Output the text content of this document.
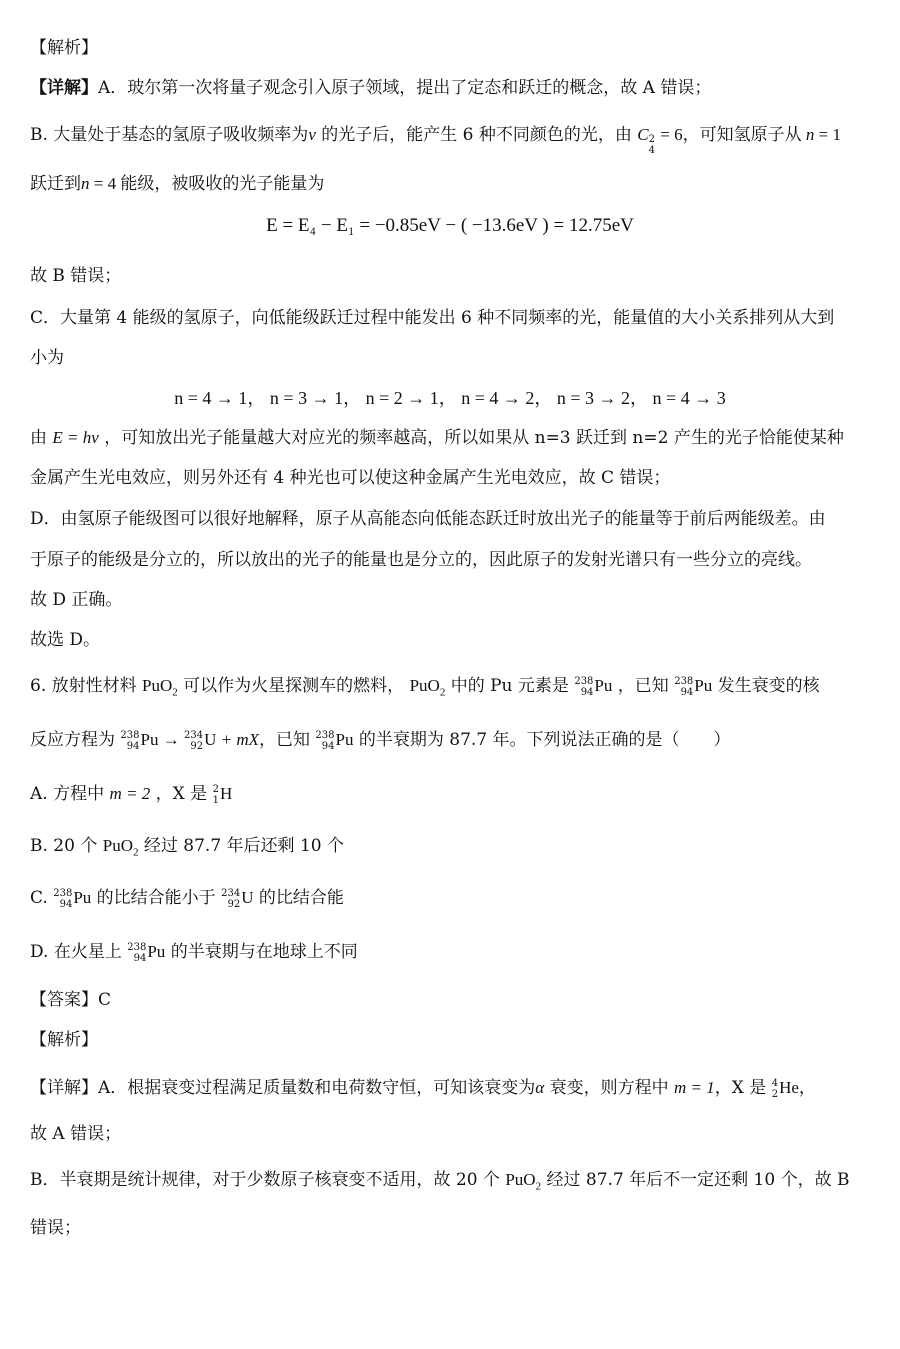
【解析】
【详解】A．玻尔第一次将量子观念引入原子领域，提出了定态和跃迁的概念，故 A 错误；
B. 大量处于基态的氢原子吸收频率为ν 的光子后，能产生 6 种不同颜色的光，由 C 2
4
= 6，可知氢原子从 n = 1
跃迁到n = 4 能级，被吸收的光子能量为
E = E₄ − E₁ = −0.85eV − ( −13.6eV ) = 12.75eV
故 B 错误；
C．大量第 4 能级的氢原子，向低能级跃迁过程中能发出 6 种不同频率的光，能量值的大小关系排列从大到
小为
n = 4 → 1， n = 3 → 1， n = 2 → 1， n = 4 → 2， n = 3 → 2， n = 4 → 3
由 E = hν ，可知放出光子能量越大对应光的频率越高，所以如果从 n=3 跃迁到 n=2 产生的光子恰能使某种
金属产生光电效应，则另外还有 4 种光也可以使这种金属产生光电效应，故 C 错误；
D．由氢原子能级图可以很好地解释，原子从高能态向低能态跃迁时放出光子的能量等于前后两能级差。由
于原子的能级是分立的，所以放出的光子的能量也是分立的，因此原子的发射光谱只有一些分立的亮线。
故 D 正确。
故选 D。
6. 放射性材料 PuO$_2$ 可以作为火星探测车的燃料， PuO$_2$ 中的 Pu 元素是 238
94 Pu ，已知 238
94 Pu 发生衰变的核
反应方程为 238
94 Pu → 234
92 U + mX，已知 238
94 Pu 的半衰期为 87.7 年。下列说法正确的是（　　）
A. 方程中 m = 2 ，X 是 2
1 H
B. 20 个 PuO$_2$ 经过 87.7 年后还剩 10 个
C. 238
94 Pu 的比结合能小于 234
92 U 的比结合能
D. 在火星上 238
94 Pu 的半衰期与在地球上不同
【答案】C
【解析】
【详解】A．根据衰变过程满足质量数和电荷数守恒，可知该衰变为α 衰变，则方程中 m = 1，X 是 4
2 He，
故 A 错误；
B．半衰期是统计规律，对于少数原子核衰变不适用，故 20 个 PuO$_2$ 经过 87.7 年后不一定还剩 10 个，故 B
错误；
